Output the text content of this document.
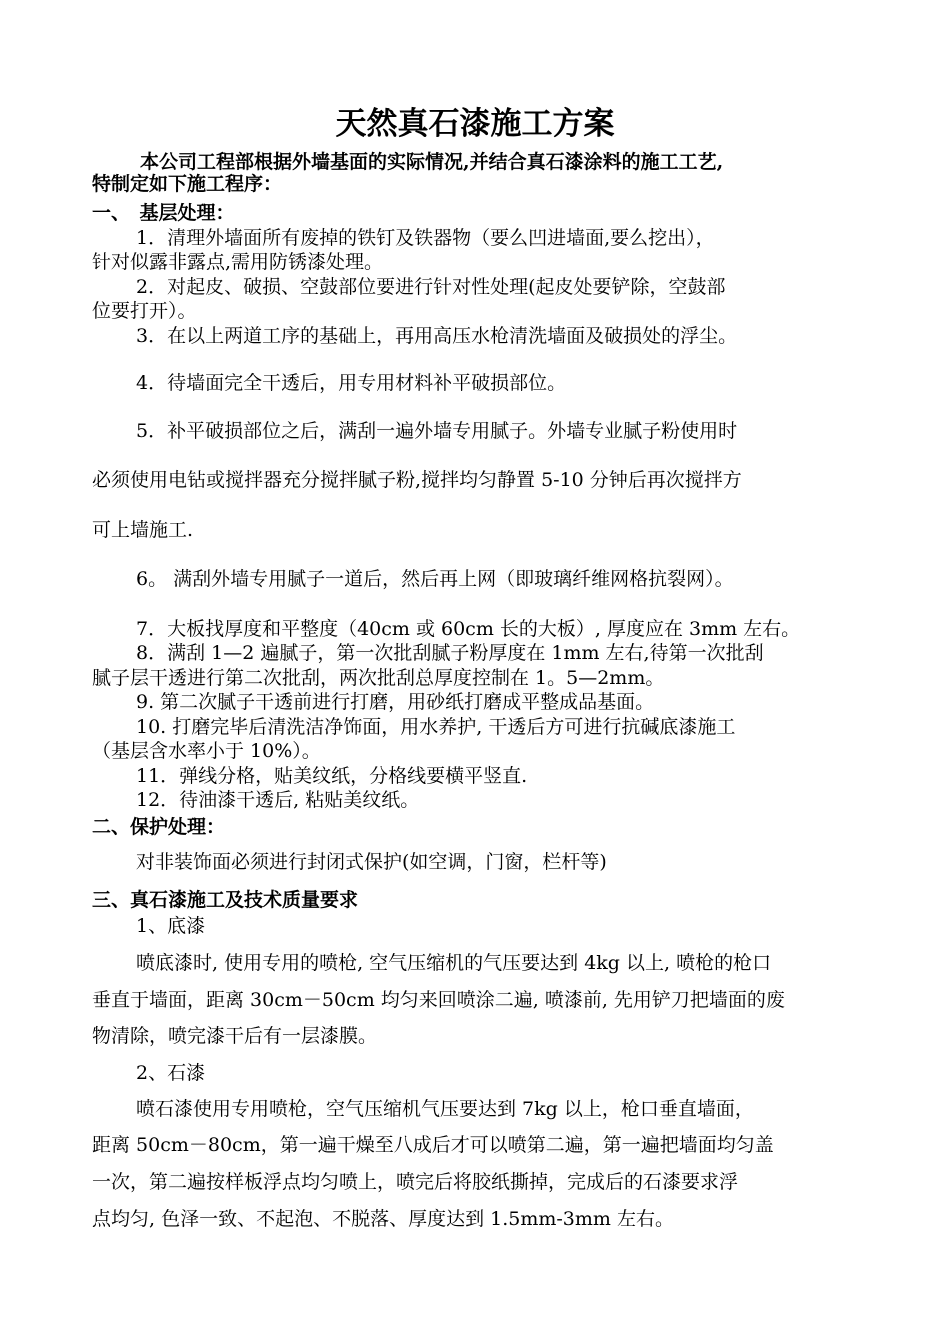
天然真石漆施工方案
本公司工程部根据外墙基面的实际情况,并结合真石漆涂料的施工工艺,
特制定如下施工程序：
一、　基层处理：
1．清理外墙面所有废掉的铁钉及铁器物（要么凹进墙面,要么挖出），
针对似露非露点,需用防锈漆处理。
2．对起皮、破损、空鼓部位要进行针对性处理(起皮处要铲除，空鼓部
位要打开）。
3．在以上两道工序的基础上，再用高压水枪清洗墙面及破损处的浮尘。
4．待墙面完全干透后，用专用材料补平破损部位。
5．补平破损部位之后，满刮一遍外墙专用腻子。外墙专业腻子粉使用时
必须使用电钻或搅拌器充分搅拌腻子粉,搅拌均匀静置 5-10 分钟后再次搅拌方
可上墙施工.
6。 满刮外墙专用腻子一道后，然后再上网（即玻璃纤维网格抗裂网）。
7．大板找厚度和平整度（40cm 或 60cm 长的大板）, 厚度应在 3mm 左右。
8．满刮 1—2 遍腻子，第一次批刮腻子粉厚度在 1mm 左右,待第一次批刮
腻子层干透进行第二次批刮，两次批刮总厚度控制在 1。5—2mm。
9. 第二次腻子干透前进行打磨，用砂纸打磨成平整成品基面。
10. 打磨完毕后清洗洁净饰面，用水养护, 干透后方可进行抗碱底漆施工
（基层含水率小于 10%）。
11．弹线分格，贴美纹纸，分格线要横平竖直.
12．待油漆干透后, 粘贴美纹纸。
二、保护处理：
对非装饰面必须进行封闭式保护(如空调，门窗，栏杆等)
三、真石漆施工及技术质量要求
1、底漆
喷底漆时, 使用专用的喷枪, 空气压缩机的气压要达到 4kg 以上, 喷枪的枪口
垂直于墙面，距离 30cm－50cm 均匀来回喷涂二遍, 喷漆前, 先用铲刀把墙面的废
物清除，喷完漆干后有一层漆膜。
2、石漆
喷石漆使用专用喷枪，空气压缩机气压要达到 7kg 以上，枪口垂直墙面，
距离 50cm－80cm，第一遍干燥至八成后才可以喷第二遍，第一遍把墙面均匀盖
一次，第二遍按样板浮点均匀喷上，喷完后将胶纸撕掉，完成后的石漆要求浮
点均匀, 色泽一致、不起泡、不脱落、厚度达到 1.5mm-3mm 左右。
